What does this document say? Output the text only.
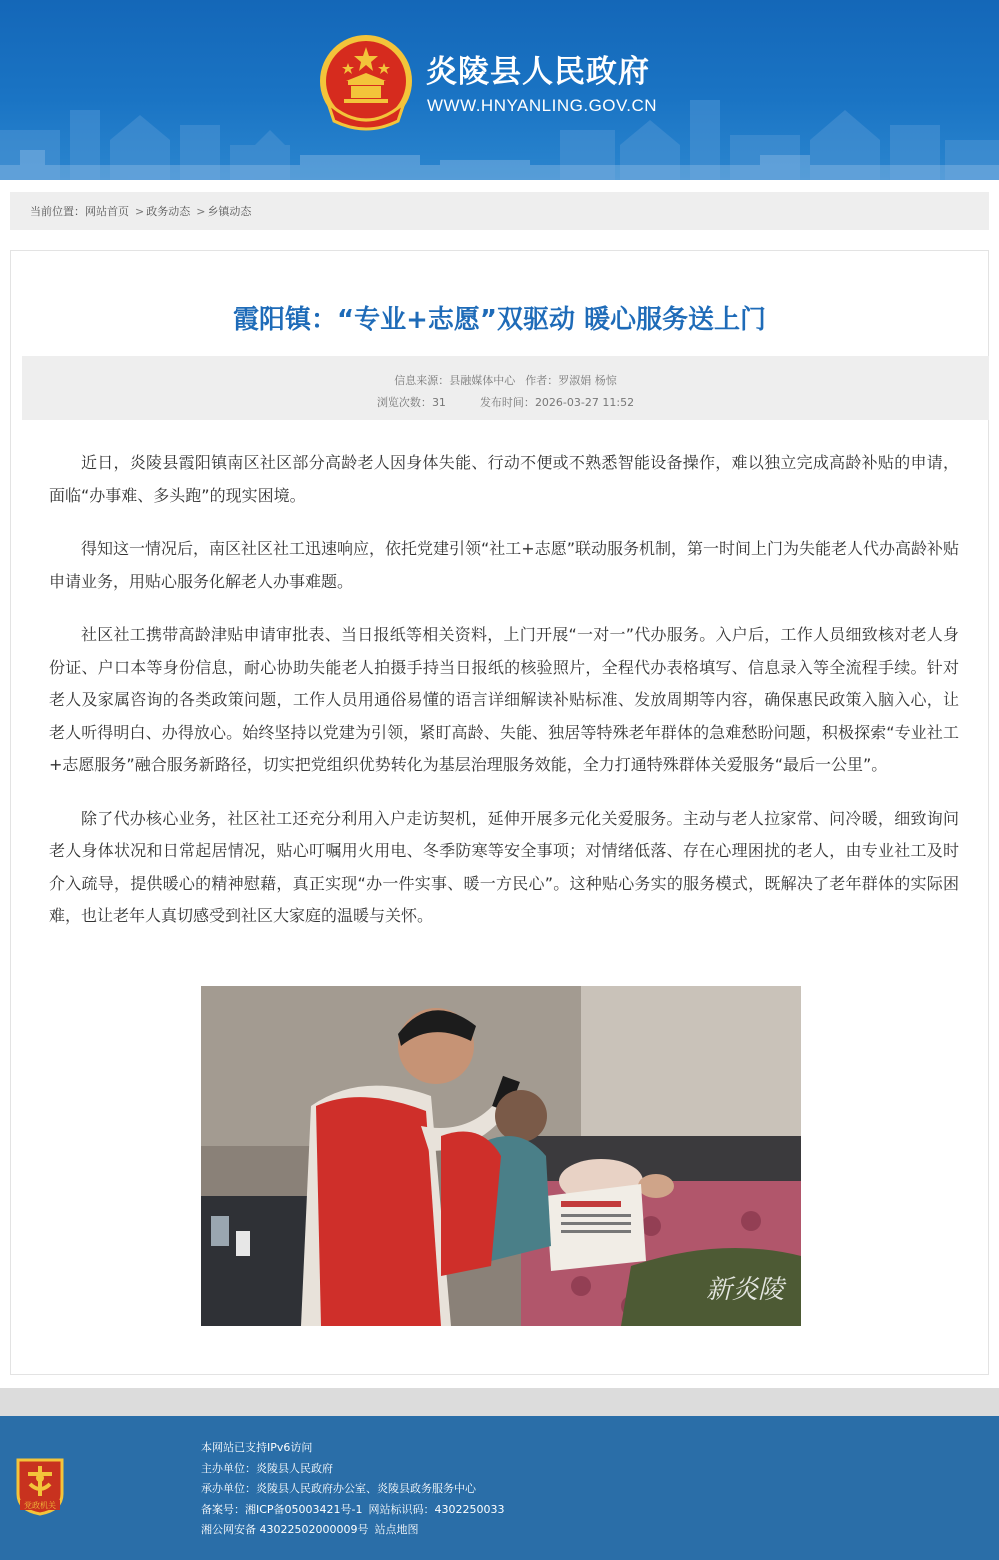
炎陵县人民政府
WWW.HNYANLING.GOV.CN
当前位置： 网站首页 > 政务动态 > 乡镇动态
霞阳镇：“专业+志愿”双驱动 暖心服务送上门
信息来源：县融媒体中心 作者：罗淑娟 杨惊
浏览次数：31	发布时间：2026-03-27 11:52

近日，炎陵县霞阳镇南区社区部分高龄老人因身体失能、行动不便或不熟悉智能设备操作，难以独立完成高龄补贴的申请，面临“办事难、多头跑”的现实困境。

得知这一情况后，南区社区社工迅速响应，依托党建引领“社工+志愿”联动服务机制，第一时间上门为失能老人代办高龄补贴申请业务，用贴心服务化解老人办事难题。

社区社工携带高龄津贴申请审批表、当日报纸等相关资料，上门开展“一对一”代办服务。入户后，工作人员细致核对老人身份证、户口本等身份信息，耐心协助失能老人拍摄手持当日报纸的核验照片，全程代办表格填写、信息录入等全流程手续。针对老人及家属咨询的各类政策问题，工作人员用通俗易懂的语言详细解读补贴标准、发放周期等内容，确保惠民政策入脑入心，让老人听得明白、办得放心。始终坚持以党建为引领，紧盯高龄、失能、独居等特殊老年群体的急难愁盼问题，积极探索“专业社工+志愿服务”融合服务新路径，切实把党组织优势转化为基层治理服务效能，全力打通特殊群体关爱服务“最后一公里”。

除了代办核心业务，社区社工还充分利用入户走访契机，延伸开展多元化关爱服务。主动与老人拉家常、问冷暖，细致询问老人身体状况和日常起居情况，贴心叮嘱用火用电、冬季防寒等安全事项；对情绪低落、存在心理困扰的老人，由专业社工及时介入疏导，提供暖心的精神慰藉，真正实现“办一件实事、暖一方民心”。这种贴心务实的服务模式，既解决了老年群体的实际困难，也让老年人真切感受到社区大家庭的温暖与关怀。

新炎陵
党政机关
本网站已支持IPv6访问
主办单位：炎陵县人民政府
承办单位：炎陵县人民政府办公室、炎陵县政务服务中心
备案号：湘ICP备05003421号-1 网站标识码：4302250033
湘公网安备 43022502000009号 站点地图
